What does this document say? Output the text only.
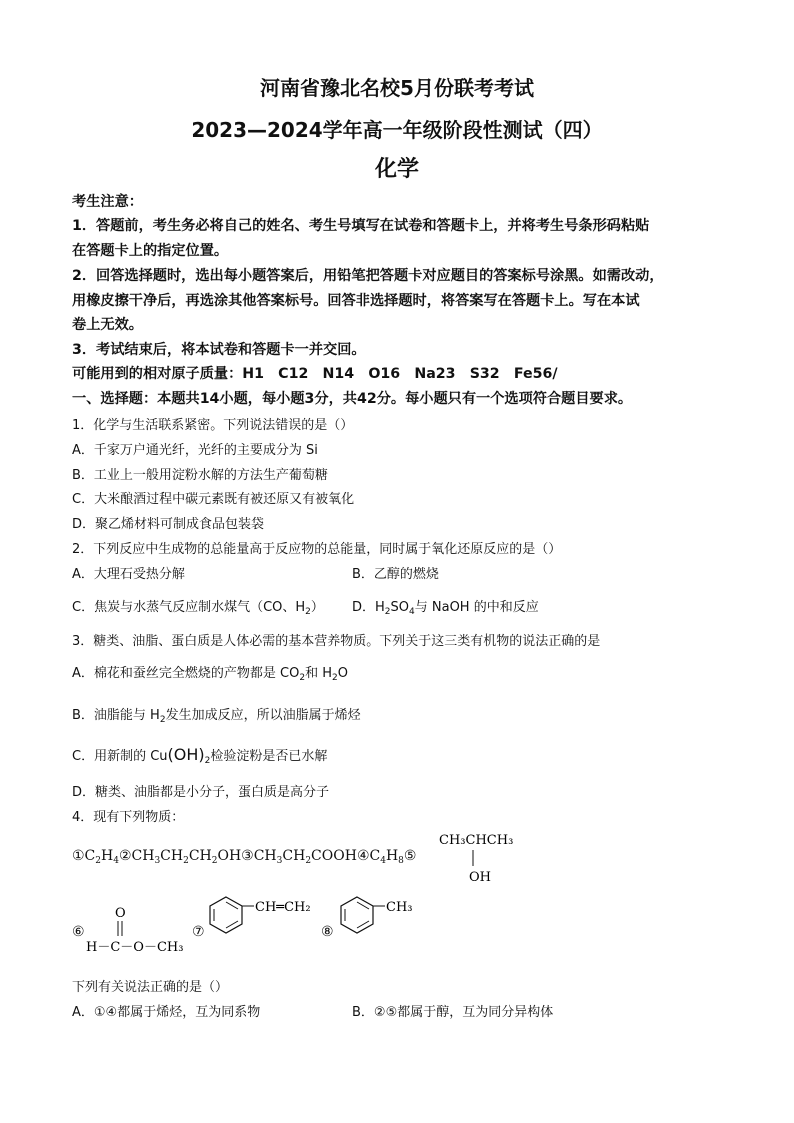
河南省豫北名校5月份联考考试
2023—2024学年高一年级阶段性测试（四）
化学
考生注意：
1．答题前，考生务必将自己的姓名、考生号填写在试卷和答题卡上，并将考生号条形码粘贴
在答题卡上的指定位置。
2．回答选择题时，选出每小题答案后，用铅笔把答题卡对应题目的答案标号涂黑。如需改动，
用橡皮擦干净后，再选涂其他答案标号。回答非选择题时，将答案写在答题卡上。写在本试
卷上无效。
3．考试结束后，将本试卷和答题卡一并交回。
可能用到的相对原子质量：H1　C12　N14　O16　Na23　S32　Fe56/
一、选择题：本题共14小题，每小题3分，共42分。每小题只有一个选项符合题目要求。
1．化学与生活联系紧密。下列说法错误的是（）
A．千家万户通光纤，光纤的主要成分为 Si
B．工业上一般用淀粉水解的方法生产葡萄糖
C．大米酿酒过程中碳元素既有被还原又有被氧化
D．聚乙烯材料可制成食品包装袋
2．下列反应中生成物的总能量高于反应物的总能量，同时属于氧化还原反应的是（）
A．大理石受热分解	B．乙醇的燃烧
C．焦炭与水蒸气反应制水煤气（CO、$H_2$） D．$H_2SO_4$与 NaOH 的中和反应
3．糖类、油脂、蛋白质是人体必需的基本营养物质。下列关于这三类有机物的说法正确的是
A．棉花和蚕丝完全燃烧的产物都是 $CO_2$和 $H_2O$
B．油脂能与 $H_2$发生加成反应，所以油脂属于烯烃
C．用新制的 $Cu(OH)_2$检验淀粉是否已水解
D．糖类、油脂都是小分子，蛋白质是高分子
4．现有下列物质：
$①C_2H_4②CH_3CH_2CH_2OH③CH_3CH_2COOH④C_4H_8⑤$
CH₃CHCH₃
OH
⑥
O
H－C－O－CH₃
⑦
CH═CH₂
⑧
CH₃
下列有关说法正确的是（）
A．①④都属于烯烃，互为同系物	B．②⑤都属于醇，互为同分异构体
